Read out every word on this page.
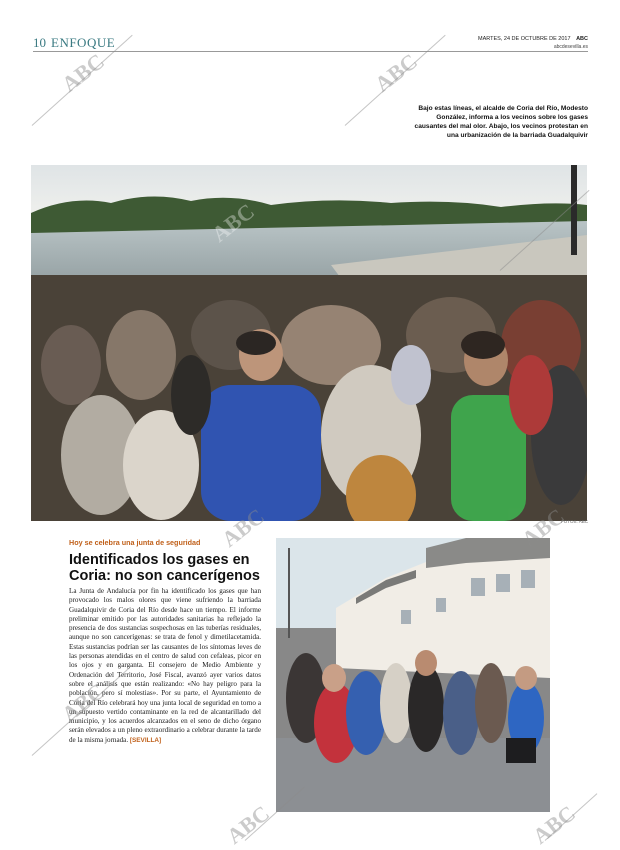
10 ENFOQUE	MARTES, 24 DE OCTUBRE DE 2017 ABC
abcdesevilla.es
Bajo estas líneas, el alcalde de Coria del Río, Modesto González, informa a los vecinos sobre los gases causantes del mal olor. Abajo, los vecinos protestan en una urbanización de la barriada Guadalquivir
FOTOS: ABC
Hoy se celebra una junta de seguridad
Identificados los gases en Coria: no son cancerígenos
La Junta de Andalucía por fin ha identificado los gases que han provocado los malos olores que viene sufriendo la barriada Guadalquivir de Coria del Río desde hace un tiempo. El informe preliminar emitido por las autoridades sanitarias ha reflejado la presencia de dos sustancias sospechosas en las tuberías residuales, aunque no son cancerígenas: se trata de fenol y dimetilacetamida. Estas sustancias podrían ser las causantes de los síntomas leves de las personas atendidas en el centro de salud con cefaleas, picor en los ojos y en garganta. El consejero de Medio Ambiente y Ordenación del Territorio, José Fiscal, avanzó ayer varios datos sobre el análisis que están realizando: «No hay peligro para la población, pero sí molestias». Por su parte, el Ayuntamiento de Coria del Río celebrará hoy una junta local de seguridad en torno a un supuesto vertido contaminante en la red de alcantarillado del municipio, y los acuerdos alcanzados en el seno de dicho órgano serán elevados a un pleno extraordinario a celebrar durante la tarde de la misma jornada. [SEVILLA]
ABC	ABC
ABC
ABC	ABC
ABC
ABC	ABC
